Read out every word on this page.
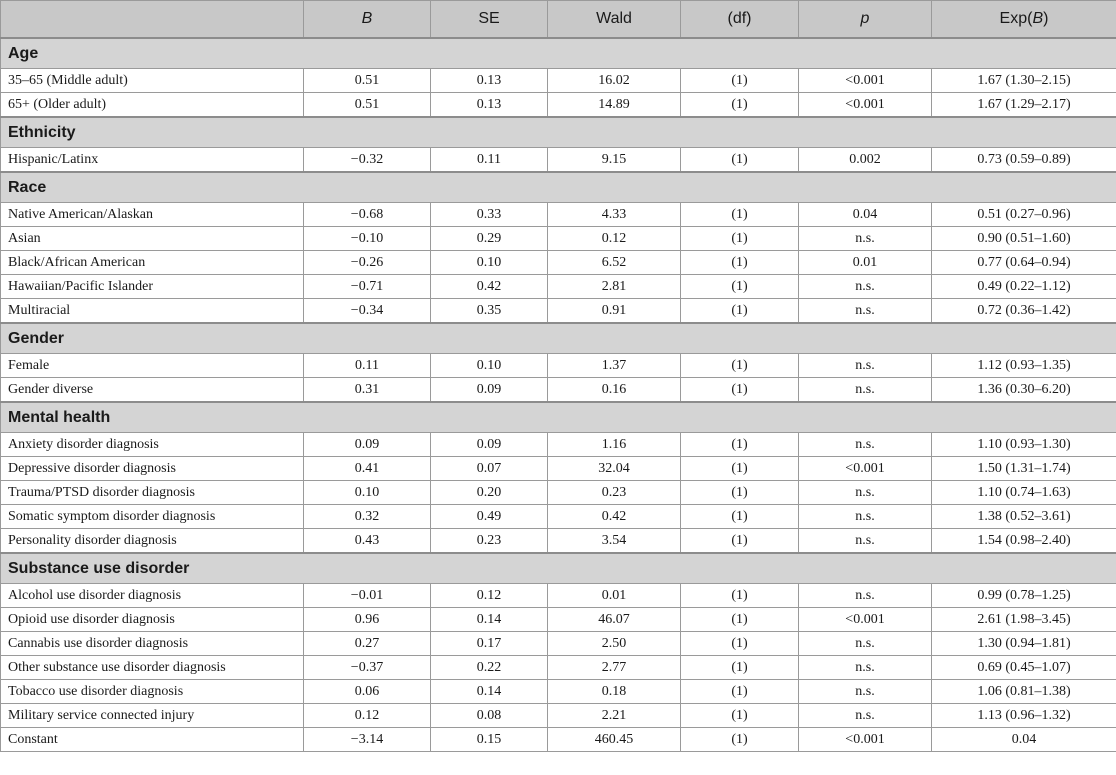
	B	SE	Wald	(df)	p	Exp(B)
Age						
35–65 (Middle adult)	0.51	0.13	16.02	(1)	<0.001	1.67 (1.30–2.15)
65+ (Older adult)	0.51	0.13	14.89	(1)	<0.001	1.67 (1.29–2.17)
Ethnicity						
Hispanic/Latinx	−0.32	0.11	9.15	(1)	0.002	0.73 (0.59–0.89)
Race						
Native American/Alaskan	−0.68	0.33	4.33	(1)	0.04	0.51 (0.27–0.96)
Asian	−0.10	0.29	0.12	(1)	n.s.	0.90 (0.51–1.60)
Black/African American	−0.26	0.10	6.52	(1)	0.01	0.77 (0.64–0.94)
Hawaiian/Pacific Islander	−0.71	0.42	2.81	(1)	n.s.	0.49 (0.22–1.12)
Multiracial	−0.34	0.35	0.91	(1)	n.s.	0.72 (0.36–1.42)
Gender						
Female	0.11	0.10	1.37	(1)	n.s.	1.12 (0.93–1.35)
Gender diverse	0.31	0.09	0.16	(1)	n.s.	1.36 (0.30–6.20)
Mental health						
Anxiety disorder diagnosis	0.09	0.09	1.16	(1)	n.s.	1.10 (0.93–1.30)
Depressive disorder diagnosis	0.41	0.07	32.04	(1)	<0.001	1.50 (1.31–1.74)
Trauma/PTSD disorder diagnosis	0.10	0.20	0.23	(1)	n.s.	1.10 (0.74–1.63)
Somatic symptom disorder diagnosis	0.32	0.49	0.42	(1)	n.s.	1.38 (0.52–3.61)
Personality disorder diagnosis	0.43	0.23	3.54	(1)	n.s.	1.54 (0.98–2.40)
Substance use disorder						
Alcohol use disorder diagnosis	−0.01	0.12	0.01	(1)	n.s.	0.99 (0.78–1.25)
Opioid use disorder diagnosis	0.96	0.14	46.07	(1)	<0.001	2.61 (1.98–3.45)
Cannabis use disorder diagnosis	0.27	0.17	2.50	(1)	n.s.	1.30 (0.94–1.81)
Other substance use disorder diagnosis	−0.37	0.22	2.77	(1)	n.s.	0.69 (0.45–1.07)
Tobacco use disorder diagnosis	0.06	0.14	0.18	(1)	n.s.	1.06 (0.81–1.38)
Military service connected injury	0.12	0.08	2.21	(1)	n.s.	1.13 (0.96–1.32)
Constant	−3.14	0.15	460.45	(1)	<0.001	0.04
